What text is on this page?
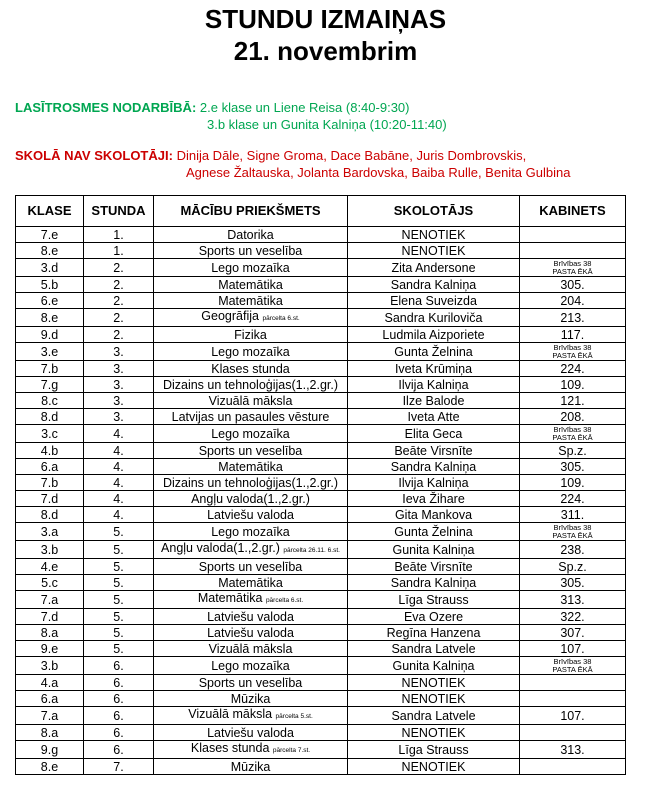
STUNDU IZMAIŅAS
21. novembrim
LASĪTROSMES NODARBĪBĀ: 2.e klase un Liene Reisa (8:40-9:30)
3.b klase un Gunita Kalniņa (10:20-11:40)
SKOLĀ NAV SKOLOTĀJI: Dinija Dāle, Signe Groma, Dace Babāne, Juris Dombrovskis,
Agnese Žaltauska, Jolanta Bardovska, Baiba Rulle, Benita Gulbina
KLASE	STUNDA	MĀCĪBU PRIEKŠMETS	SKOLOTĀJS	KABINETS
7.e	1.	Datorika	NENOTIEK	
8.e	1.	Sports un veselība	NENOTIEK	
3.d	2.	Lego mozaīka	Zita Andersone	Brīvības 38
PASTA ĒKĀ

5.b	2.	Matemātika	Sandra Kalniņa	305.
6.e	2.	Matemātika	Elena Suveizda	204.
8.e	2.	Geogrāfija pārcelta 6.st.	Sandra Kuriloviča	213.
9.d	2.	Fizika	Ludmila Aizporiete	117.
3.e	3.	Lego mozaīka	Gunta Želnina	Brīvības 38
PASTA ĒKĀ

7.b	3.	Klases stunda	Iveta Krūmiņa	224.
7.g	3.	Dizains un tehnoloģijas(1.,2.gr.)	Ilvija Kalniņa	109.
8.c	3.	Vizuālā māksla	Ilze Balode	121.
8.d	3.	Latvijas un pasaules vēsture	Iveta Atte	208.
3.c	4.	Lego mozaīka	Elita Geca	Brīvības 38
PASTA ĒKĀ

4.b	4.	Sports un veselība	Beāte Virsnīte	Sp.z.
6.a	4.	Matemātika	Sandra Kalniņa	305.
7.b	4.	Dizains un tehnoloģijas(1.,2.gr.)	Ilvija Kalniņa	109.
7.d	4.	Angļu valoda(1.,2.gr.)	Ieva Žihare	224.
8.d	4.	Latviešu valoda	Gita Mankova	311.
3.a	5.	Lego mozaīka	Gunta Želnina	Brīvības 38
PASTA ĒKĀ

3.b	5.	Angļu valoda(1.,2.gr.) pārcelta 26.11. 6.st.	Gunita Kalniņa	238.
4.e	5.	Sports un veselība	Beāte Virsnīte	Sp.z.
5.c	5.	Matemātika	Sandra Kalniņa	305.
7.a	5.	Matemātika pārcelta 6.st.	Līga Strauss	313.
7.d	5.	Latviešu valoda	Eva Ozere	322.
8.a	5.	Latviešu valoda	Regīna Hanzena	307.
9.e	5.	Vizuālā māksla	Sandra Latvele	107.
3.b	6.	Lego mozaīka	Gunita Kalniņa	Brīvības 38
PASTA ĒKĀ

4.a	6.	Sports un veselība	NENOTIEK	
6.a	6.	Mūzika	NENOTIEK	
7.a	6.	Vizuālā māksla pārcelta 5.st.	Sandra Latvele	107.
8.a	6.	Latviešu valoda	NENOTIEK	
9.g	6.	Klases stunda pārcelta 7.st.	Līga Strauss	313.
8.e	7.	Mūzika	NENOTIEK	
